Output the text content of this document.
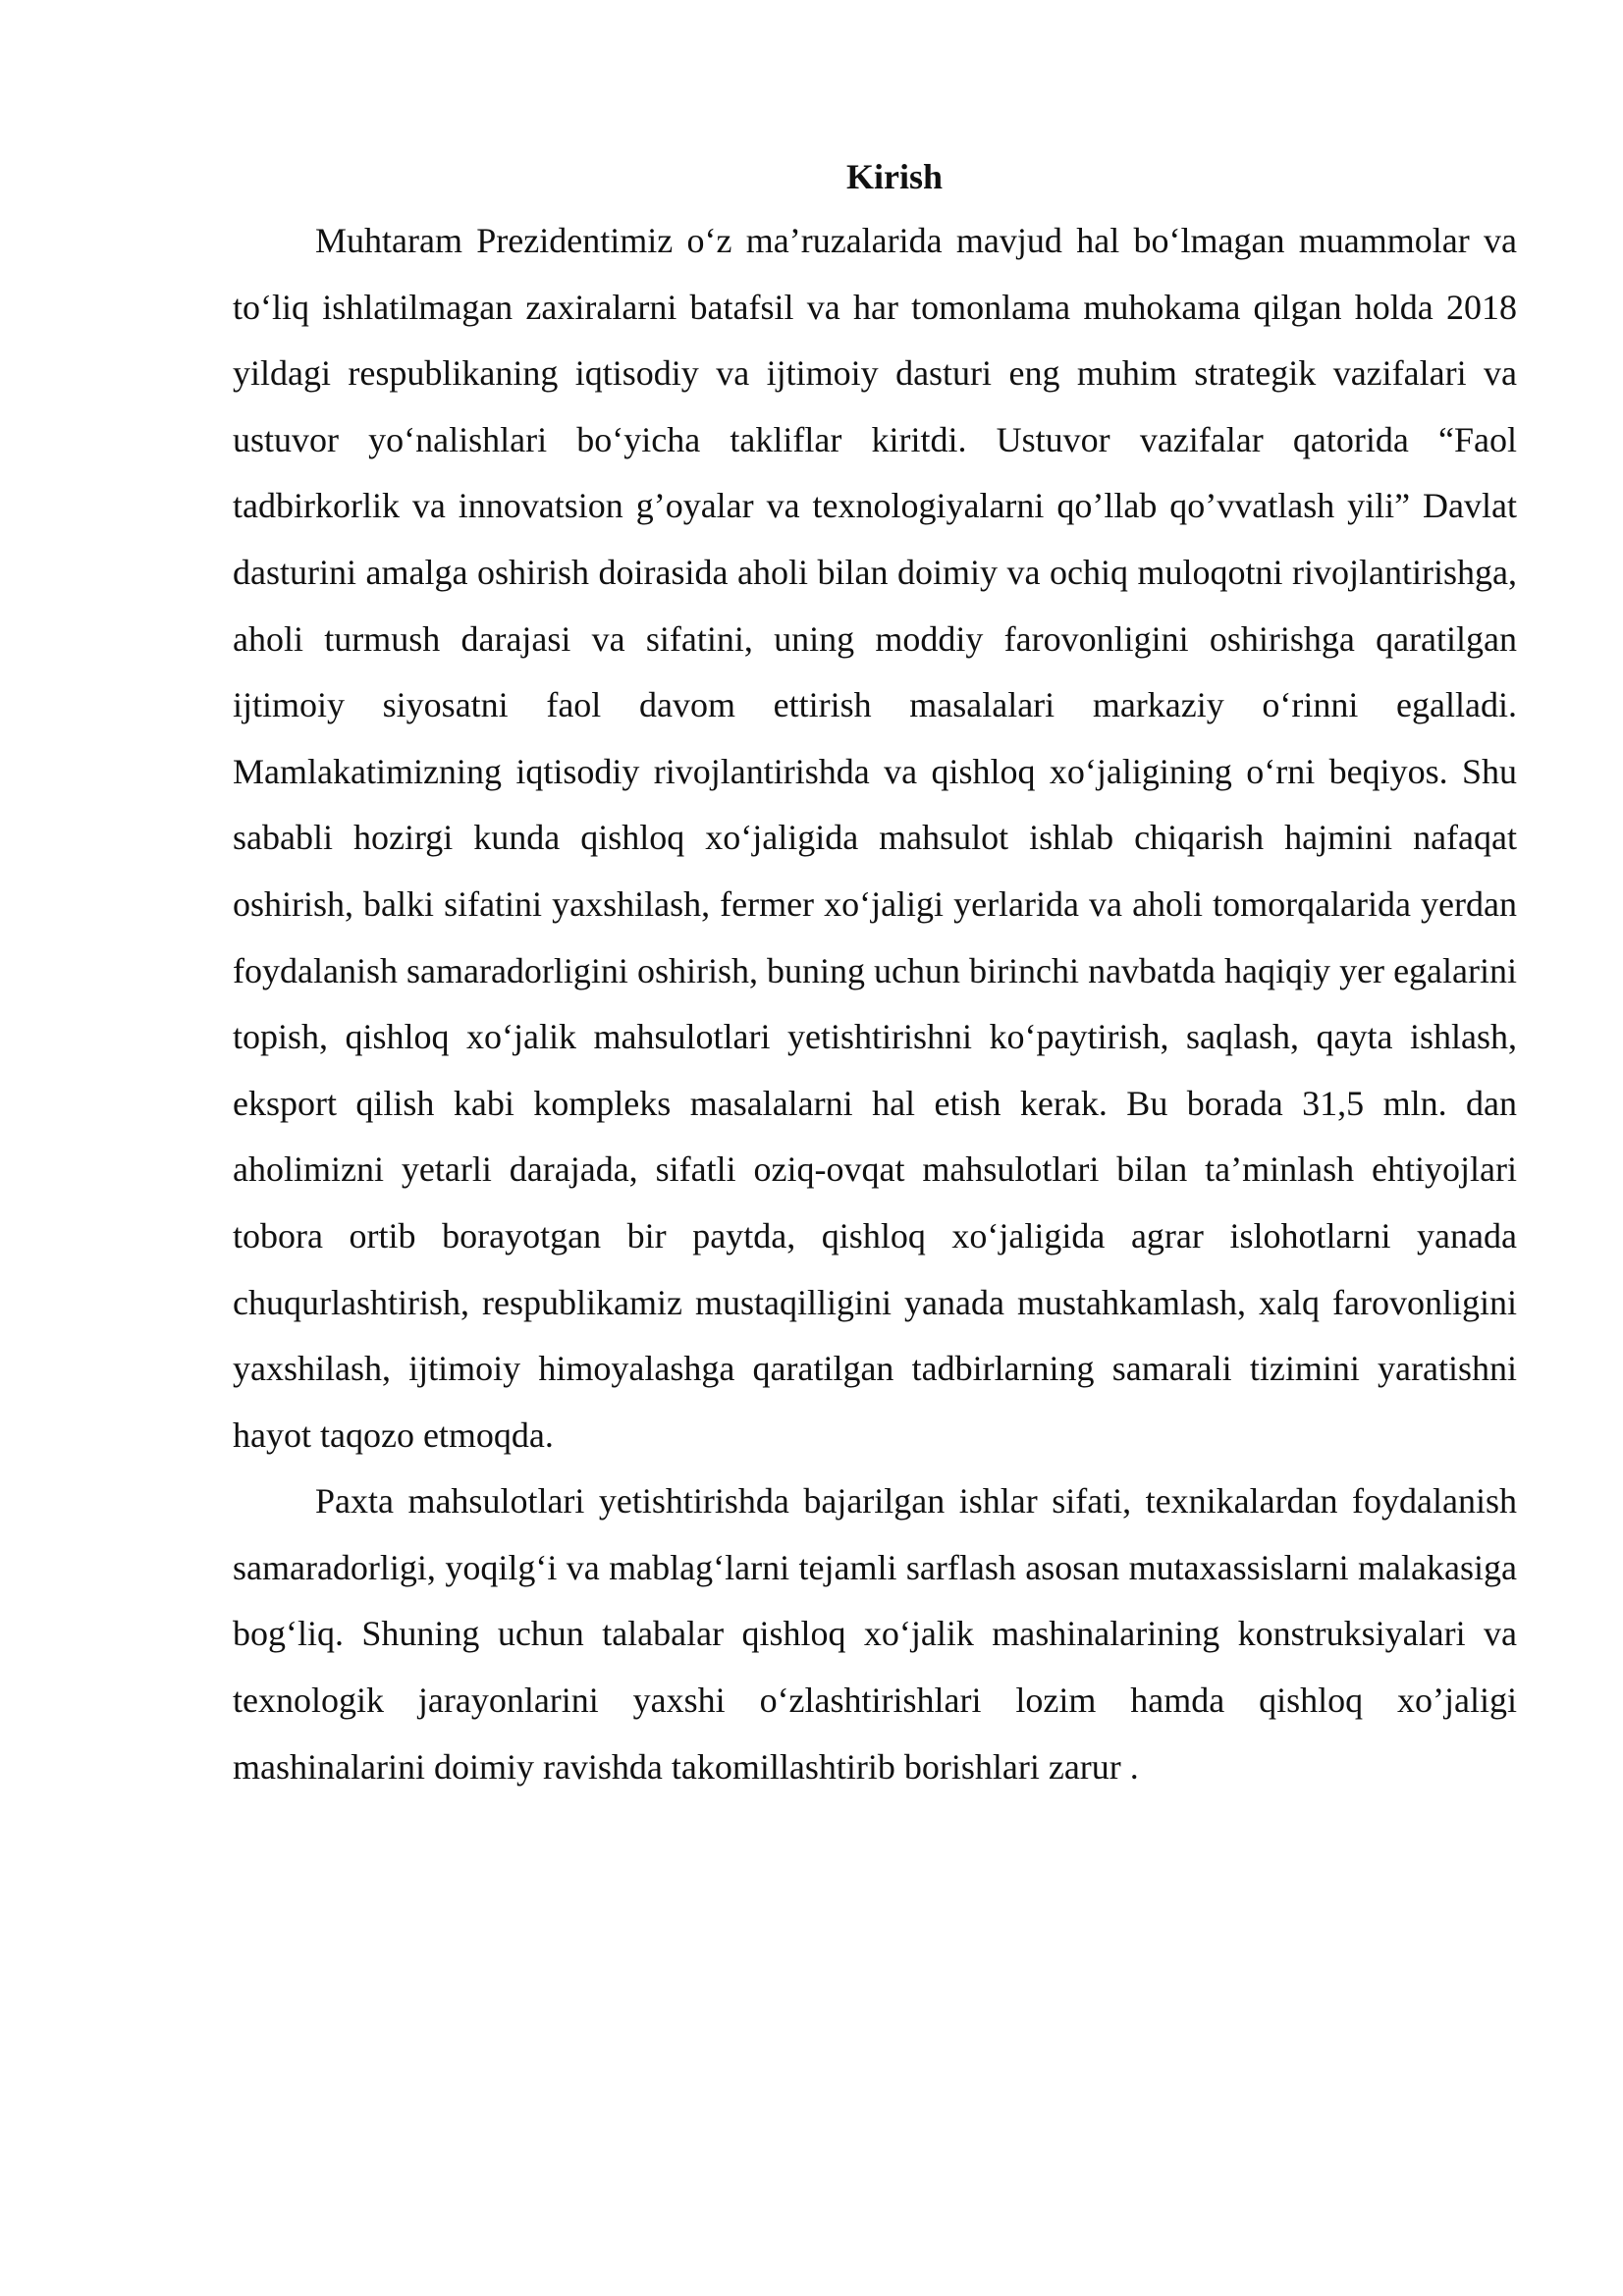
Kirish

Muhtaram Prezidentimiz o‘z ma’ruzalarida mavjud hal bo‘lmagan muammolar va to‘liq ishlatilmagan zaxiralarni batafsil va har tomonlama muhokama qilgan holda 2018 yildagi respublikaning iqtisodiy va ijtimoiy dasturi eng muhim strategik vazifalari va ustuvor yo‘nalishlari bo‘yicha takliflar kiritdi. Ustuvor vazifalar qatorida “Faol tadbirkorlik va innovatsion g’oyalar va texnologiyalarni qo’llab qo’vvatlash yili” Davlat dasturini amalga oshirish doirasida aholi bilan doimiy va ochiq muloqotni rivojlantirishga, aholi turmush darajasi va sifatini, uning moddiy farovonligini oshirishga qaratilgan ijtimoiy siyosatni faol davom ettirish masalalari markaziy o‘rinni egalladi. Mamlakatimizning iqtisodiy rivojlantirishda va qishloq xo‘jaligining o‘rni beqiyos. Shu sababli hozirgi kunda qishloq xo‘jaligida mahsulot ishlab chiqarish hajmini nafaqat oshirish, balki sifatini yaxshilash, fermer xo‘jaligi yerlarida va aholi tomorqalarida yerdan foydalanish samaradorligini oshirish, buning uchun birinchi navbatda haqiqiy yer egalarini topish, qishloq xo‘jalik mahsulotlari yetishtirishni ko‘paytirish, saqlash, qayta ishlash, eksport qilish kabi kompleks masalalarni hal etish kerak. Bu borada 31,5 mln. dan aholimizni yetarli darajada, sifatli oziq-ovqat mahsulotlari bilan ta’minlash ehtiyojlari tobora ortib borayotgan bir paytda, qishloq xo‘jaligida agrar islohotlarni yanada chuqurlashtirish, respublikamiz mustaqilligini yanada mustahkamlash, xalq farovonligini yaxshilash, ijtimoiy himoyalashga qaratilgan tadbirlarning samarali tizimini yaratishni hayot taqozo etmoqda.

Paxta mahsulotlari yetishtirishda bajarilgan ishlar sifati, texnikalardan foydalanish samaradorligi, yoqilg‘i va mablag‘larni tejamli sarflash asosan mutaxassislarni malakasiga bog‘liq. Shuning uchun talabalar qishloq xo‘jalik mashinalarining konstruksiyalari va texnologik jarayonlarini yaxshi o‘zlashtirishlari lozim hamda qishloq xo’jaligi mashinalarini doimiy ravishda takomillashtirib borishlari zarur .
